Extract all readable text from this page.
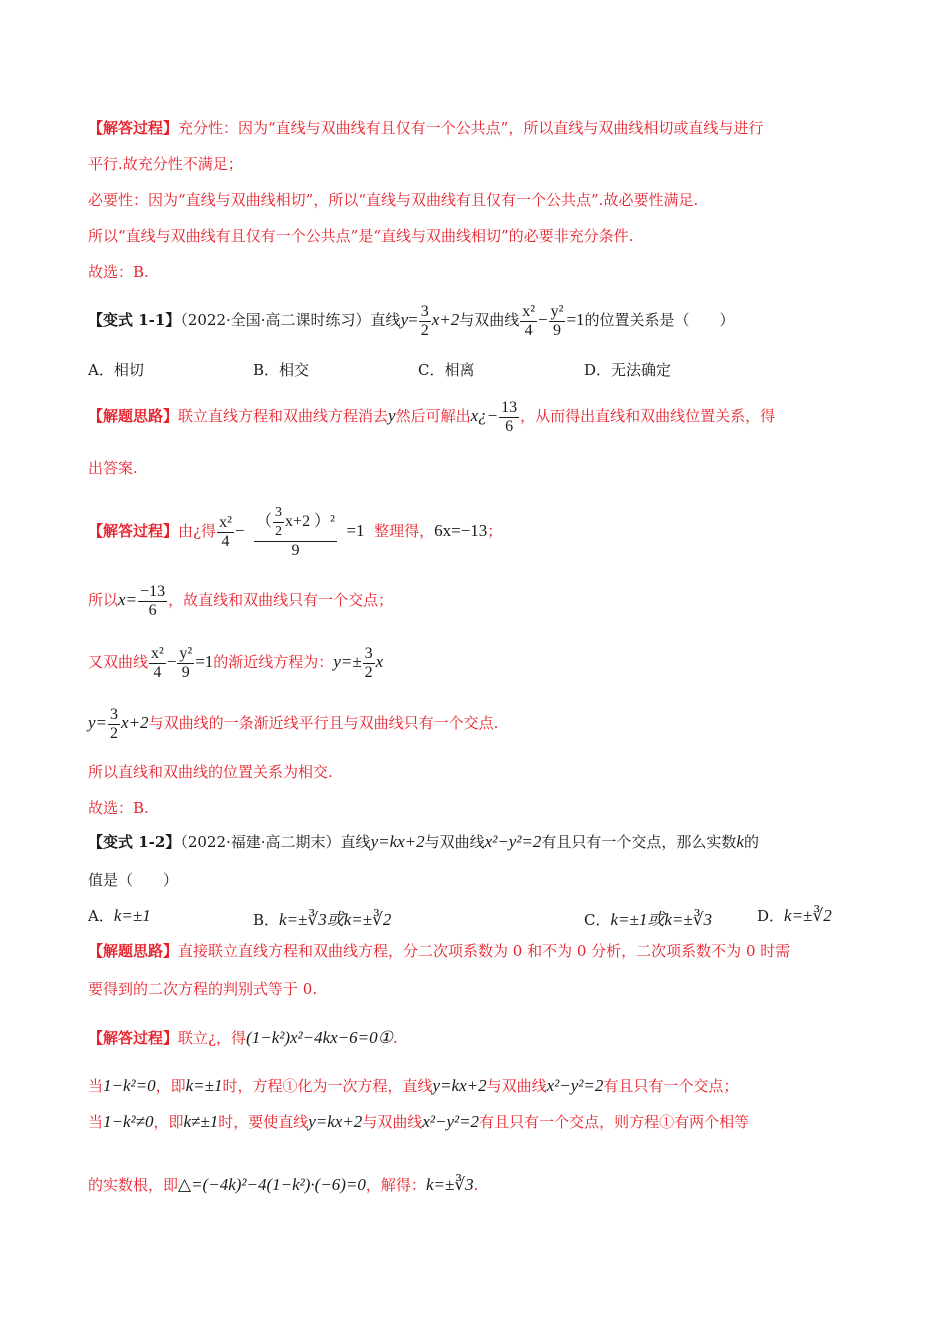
【解答过程】充分性：因为“直线与双曲线有且仅有一个公共点”，所以直线与双曲线相切或直线与进行
平行.故充分性不满足；
必要性：因为“直线与双曲线相切”，所以“直线与双曲线有且仅有一个公共点”.故必要性满足.
所以“直线与双曲线有且仅有一个公共点”是“直线与双曲线相切”的必要非充分条件.
故选：B.
【变式 1-1】（2022·全国·高二课时练习）直线$y= \frac{3}{2} x+2$与双曲线 $\frac{\text{x²}}{4} - \frac{\text{y²}}{9} =1$的位置关系是（　　）
A．相切	B．相交	C．相离	D．无法确定
【解题思路】联立直线方程和双曲线方程消去y然后可解出x¿− $\frac{13}{6}$ ，从而得出直线和双曲线位置关系，得
出答案.
【解答过程】由¿得 $\frac{\text{x²}}{4} - \frac{( \frac{3}{2} x+2 )^2}{9} =1$ 整理得，6x=−13；
所以$x= \frac{-13}{6}$ ，故直线和双曲线只有一个交点；
又双曲线 $\frac{\text{x²}}{4} - \frac{\text{y²}}{9} =1$的渐近线方程为：$y=\pm \frac{3}{2}$ x
$y= \frac{3}{2} x+2$与双曲线的一条渐近线平行且与双曲线只有一个交点.
所以直线和双曲线的位置关系为相交.
故选：B.
【变式 1-2】（2022·福建·高二期末）直线y=kx+2与双曲线x²−y²=2有且只有一个交点，那么实数k的
值是（　　）
A．k=±1	B．k=±∛3或k=±∛2	C．k=±1或k=±∛3	D．k=±∛2
【解题思路】直接联立直线方程和双曲线方程，分二次项系数为 0 和不为 0 分析，二次项系数不为 0 时需
要得到的二次方程的判别式等于 0.
【解答过程】联立¿，得(1−k²)x²−4kx−6=0①.
当1−k²=0，即k=±1时，方程①化为一次方程，直线y=kx+2与双曲线x²−y²=2有且只有一个交点；
当1−k²≠0，即k≠±1时，要使直线y=kx+2与双曲线x²−y²=2有且只有一个交点，则方程①有两个相等
的实数根，即△=(−4k)²−4(1−k²)·(−6)=0，解得：k=±∛3.
